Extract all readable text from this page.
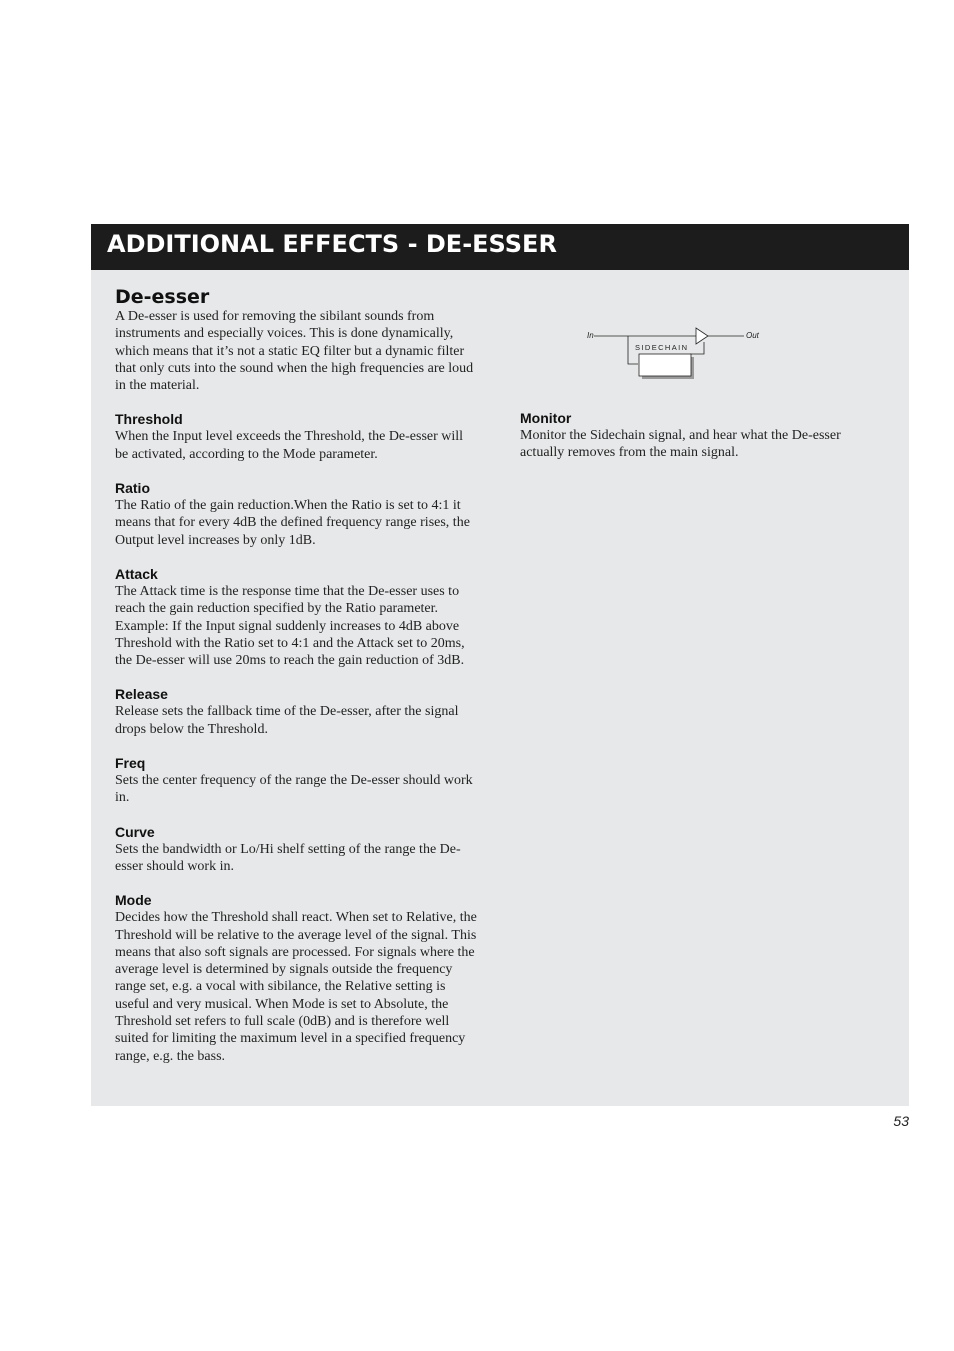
ADDITIONAL EFFECTS - DE-ESSER
De-esser

A De-esser is used for removing the sibilant sounds from instruments and especially voices. This is done dynamically, which means that it’s not a static EQ filter but a dynamic filter that only cuts into the sound when the high frequencies are loud in the material.

Threshold

When the Input level exceeds the Threshold, the De-esser will be activated, according to the Mode parameter.

Ratio

The Ratio of the gain reduction.When the Ratio is set to 4:1 it means that for every 4dB the defined frequency range rises, the Output level increases by only 1dB.

Attack

The Attack time is the response time that the De-esser uses to reach the gain reduction specified by the Ratio parameter. Example: If the Input signal suddenly increases to 4dB above Threshold with the Ratio set to 4:1 and the Attack set to 20ms, the De-esser will use 20ms to reach the gain reduction of 3dB.

Release

Release sets the fallback time of the De-esser, after the signal drops below the Threshold.

Freq

Sets the center frequency of the range the De-esser should work in.

Curve

Sets the bandwidth or Lo/Hi shelf setting of the range the De-esser should work in.

Mode

Decides how the Threshold shall react. When set to Relative, the Threshold will be relative to the average level of the signal. This means that also soft signals are processed. For signals where the average level is determined by signals outside the frequency range set, e.g. a vocal with sibilance, the Relative setting is useful and very musical. When Mode is set to Absolute, the Threshold set refers to full scale (0dB) and is therefore well suited for limiting the maximum level in a specified frequency range, e.g. the bass.

In	Out
SIDECHAIN
Monitor

Monitor the Sidechain signal, and hear what the De-esser actually removes from the main signal.

53
